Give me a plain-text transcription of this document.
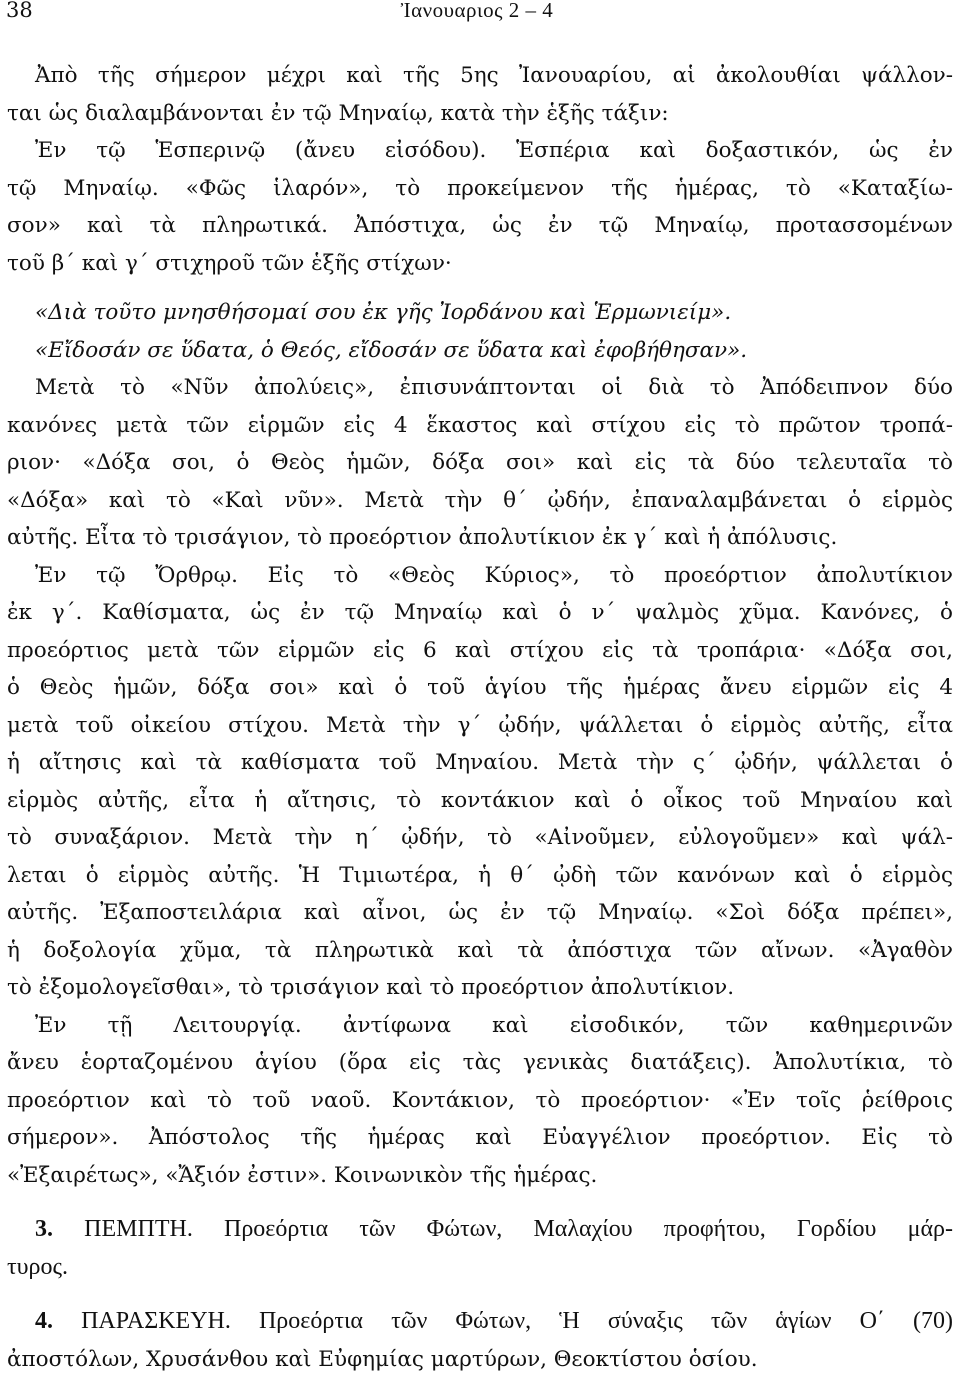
38	Ἰανουαριος 2 – 4
Ἀπὸ τῆς σήμερον μέχρι καὶ τῆς 5ης Ἰανουαρίου, αἱ ἀκολουθίαι ψάλλον-
ται ὡς διαλαμβάνονται ἐν τῷ Μηναίῳ, κατὰ τὴν ἑξῆς τάξιν:
Ἐν τῷ Ἑσπερινῷ (ἄνευ εἰσόδου). Ἑσπέρια καὶ δοξαστικόν, ὡς ἐν
τῷ Μηναίῳ. «Φῶς ἱλαρόν», τὸ προκείμενον τῆς ἡμέρας, τὸ «Καταξίω-
σον» καὶ τὰ πληρωτικά. Ἀπόστιχα, ὡς ἐν τῷ Μηναίῳ, προτασσομένων
τοῦ β΄ καὶ γ΄ στιχηροῦ τῶν ἑξῆς στίχων·
«Διὰ τοῦτο μνησθήσομαί σου ἐκ γῆς Ἰορδάνου καὶ Ἑρμωνιείμ».
«Εἴδοσάν σε ὕδατα, ὁ Θεός, εἴδοσάν σε ὕδατα καὶ ἐφοβήθησαν».
Μετὰ τὸ «Νῦν ἀπολύεις», ἐπισυνάπτονται οἱ διὰ τὸ Ἀπόδειπνον δύο
κανόνες μετὰ τῶν εἱρμῶν εἰς 4 ἕκαστος καὶ στίχου εἰς τὸ πρῶτον τροπά-
ριον· «Δόξα σοι, ὁ Θεὸς ἡμῶν, δόξα σοι» καὶ εἰς τὰ δύο τελευταῖα τὸ
«Δόξα» καὶ τὸ «Καὶ νῦν». Μετὰ τὴν θ΄ ᾠδήν, ἐπαναλαμβάνεται ὁ εἱρμὸς
αὐτῆς. Εἶτα τὸ τρισάγιον, τὸ προεόρτιον ἀπολυτίκιον ἐκ γ΄ καὶ ἡ ἀπόλυσις.
Ἐν τῷ Ὄρθρῳ. Εἰς τὸ «Θεὸς Κύριος», τὸ προεόρτιον ἀπολυτίκιον
ἐκ γ΄. Καθίσματα, ὡς ἐν τῷ Μηναίῳ καὶ ὁ ν΄ ψαλμὸς χῦμα. Κανόνες, ὁ
προεόρτιος μετὰ τῶν εἱρμῶν εἰς 6 καὶ στίχου εἰς τὰ τροπάρια· «Δόξα σοι,
ὁ Θεὸς ἡμῶν, δόξα σοι» καὶ ὁ τοῦ ἁγίου τῆς ἡμέρας ἄνευ εἱρμῶν εἰς 4
μετὰ τοῦ οἰκείου στίχου. Μετὰ τὴν γ΄ ᾠδήν, ψάλλεται ὁ εἱρμὸς αὐτῆς, εἶτα
ἡ αἴτησις καὶ τὰ καθίσματα τοῦ Μηναίου. Μετὰ τὴν ς΄ ᾠδήν, ψάλλεται ὁ
εἱρμὸς αὐτῆς, εἶτα ἡ αἴτησις, τὸ κοντάκιον καὶ ὁ οἶκος τοῦ Μηναίου καὶ
τὸ συναξάριον. Μετὰ τὴν η΄ ᾠδήν, τὸ «Αἰνοῦμεν, εὐλογοῦμεν» καὶ ψάλ-
λεται ὁ εἱρμὸς αὐτῆς. Ἡ Τιμιωτέρα, ἡ θ΄ ᾠδὴ τῶν κανόνων καὶ ὁ εἱρμὸς
αὐτῆς. Ἐξαποστειλάρια καὶ αἶνοι, ὡς ἐν τῷ Μηναίῳ. «Σοὶ δόξα πρέπει»,
ἡ δοξολογία χῦμα, τὰ πληρωτικὰ καὶ τὰ ἀπόστιχα τῶν αἴνων. «Ἀγαθὸν
τὸ ἐξομολογεῖσθαι», τὸ τρισάγιον καὶ τὸ προεόρτιον ἀπολυτίκιον.
Ἐν τῇ Λειτουργίᾳ. ἀντίφωνα καὶ εἰσοδικόν, τῶν καθημερινῶν
ἄνευ ἑορταζομένου ἁγίου (ὅρα εἰς τὰς γενικὰς διατάξεις). Ἀπολυτίκια, τὸ
προεόρτιον καὶ τὸ τοῦ ναοῦ. Κοντάκιον, τὸ προεόρτιον· «Ἐν τοῖς ῥείθροις
σήμερον». Ἀπόστολος τῆς ἡμέρας καὶ Εὐαγγέλιον προεόρτιον. Εἰς τὸ
«Ἐξαιρέτως», «Ἄξιόν ἐστιν». Κοινωνικὸν τῆς ἡμέρας.
3. ΠΕΜΠΤΗ. Προεόρτια τῶν Φώτων, Μαλαχίου προφήτου, Γορδίου μάρ-
τυρος.
4. ΠΑΡΑΣΚΕΥΗ. Προεόρτια τῶν Φώτων, Ἡ σύναξις τῶν ἁγίων Ο΄ (70)
ἀποστόλων, Χρυσάνθου καὶ Εὐφημίας μαρτύρων, Θεοκτίστου ὁσίου.
